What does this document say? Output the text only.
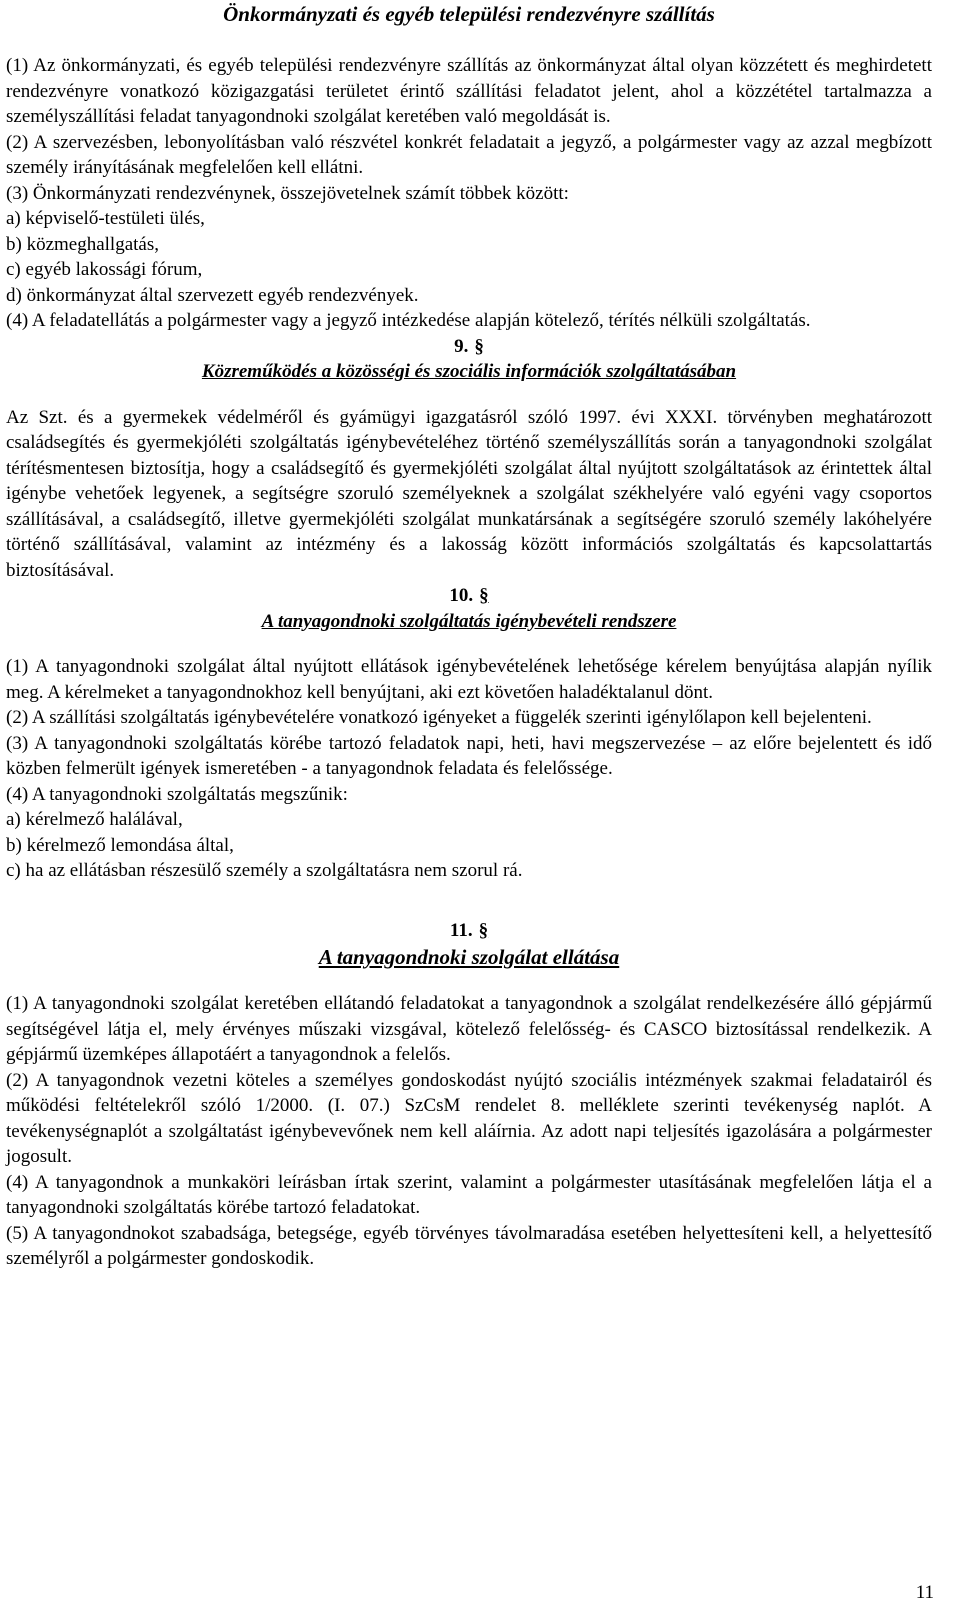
Önkormányzati és egyéb települési rendezvényre szállítás

(1) Az önkormányzati, és egyéb települési rendezvényre szállítás az önkormányzat által olyan közzétett és meghirdetett rendezvényre vonatkozó közigazgatási területet érintő szállítási feladatot jelent, ahol a közzététel tartalmazza a személyszállítási feladat tanyagondnoki szolgálat keretében való megoldását is.

(2) A szervezésben, lebonyolításban való részvétel konkrét feladatait a jegyző, a polgármester vagy az azzal megbízott személy irányításának megfelelően kell ellátni.

(3) Önkormányzati rendezvénynek, összejövetelnek számít többek között:

a) képviselő-testületi ülés,

b) közmeghallgatás,

c) egyéb lakossági fórum,

d) önkormányzat által szervezett egyéb rendezvények.

(4) A feladatellátás a polgármester vagy a jegyző intézkedése alapján kötelező, térítés nélküli szolgáltatás.

9. §

Közreműködés a közösségi és szociális információk szolgáltatásában

Az Szt. és a gyermekek védelméről és gyámügyi igazgatásról szóló 1997. évi XXXI. törvényben meghatározott családsegítés és gyermekjóléti szolgáltatás igénybevételéhez történő személyszállítás során a tanyagondnoki szolgálat térítésmentesen biztosítja, hogy a családsegítő és gyermekjóléti szolgálat által nyújtott szolgáltatások az érintettek által igénybe vehetőek legyenek, a segítségre szoruló személyeknek a szolgálat székhelyére való egyéni vagy csoportos szállításával, a családsegítő, illetve gyermekjóléti szolgálat munkatársának a segítségére szoruló személy lakóhelyére történő szállításával, valamint az intézmény és a lakosság között információs szolgáltatás és kapcsolattartás biztosításával.

10. §

A tanyagondnoki szolgáltatás igénybevételi rendszere

(1) A tanyagondnoki szolgálat által nyújtott ellátások igénybevételének lehetősége kérelem benyújtása alapján nyílik meg. A kérelmeket a tanyagondnokhoz kell benyújtani, aki ezt követően haladéktalanul dönt.

(2) A szállítási szolgáltatás igénybevételére vonatkozó igényeket a függelék szerinti igénylőlapon kell bejelenteni.

(3) A tanyagondnoki szolgáltatás körébe tartozó feladatok napi, heti, havi megszervezése – az előre bejelentett és idő közben felmerült igények ismeretében - a tanyagondnok feladata és felelőssége.

(4) A tanyagondnoki szolgáltatás megszűnik:

a) kérelmező halálával,

b) kérelmező lemondása által,

c) ha az ellátásban részesülő személy a szolgáltatásra nem szorul rá.

11. §

A tanyagondnoki szolgálat ellátása

(1) A tanyagondnoki szolgálat keretében ellátandó feladatokat a tanyagondnok a szolgálat rendelkezésére álló gépjármű segítségével látja el, mely érvényes műszaki vizsgával, kötelező felelősség- és CASCO biztosítással rendelkezik. A gépjármű üzemképes állapotáért a tanyagondnok a felelős.

(2) A tanyagondnok vezetni köteles a személyes gondoskodást nyújtó szociális intézmények szakmai feladatairól és működési feltételekről szóló 1/2000. (I. 07.) SzCsM rendelet 8. melléklete szerinti tevékenység naplót. A tevékenységnaplót a szolgáltatást igénybevevőnek nem kell aláírnia. Az adott napi teljesítés igazolására a polgármester jogosult.

(4) A tanyagondnok a munkaköri leírásban írtak szerint, valamint a polgármester utasításának megfelelően látja el a tanyagondnoki szolgáltatás körébe tartozó feladatokat.

(5) A tanyagondnokot szabadsága, betegsége, egyéb törvényes távolmaradása esetében helyettesíteni kell, a helyettesítő személyről a polgármester gondoskodik.

11
